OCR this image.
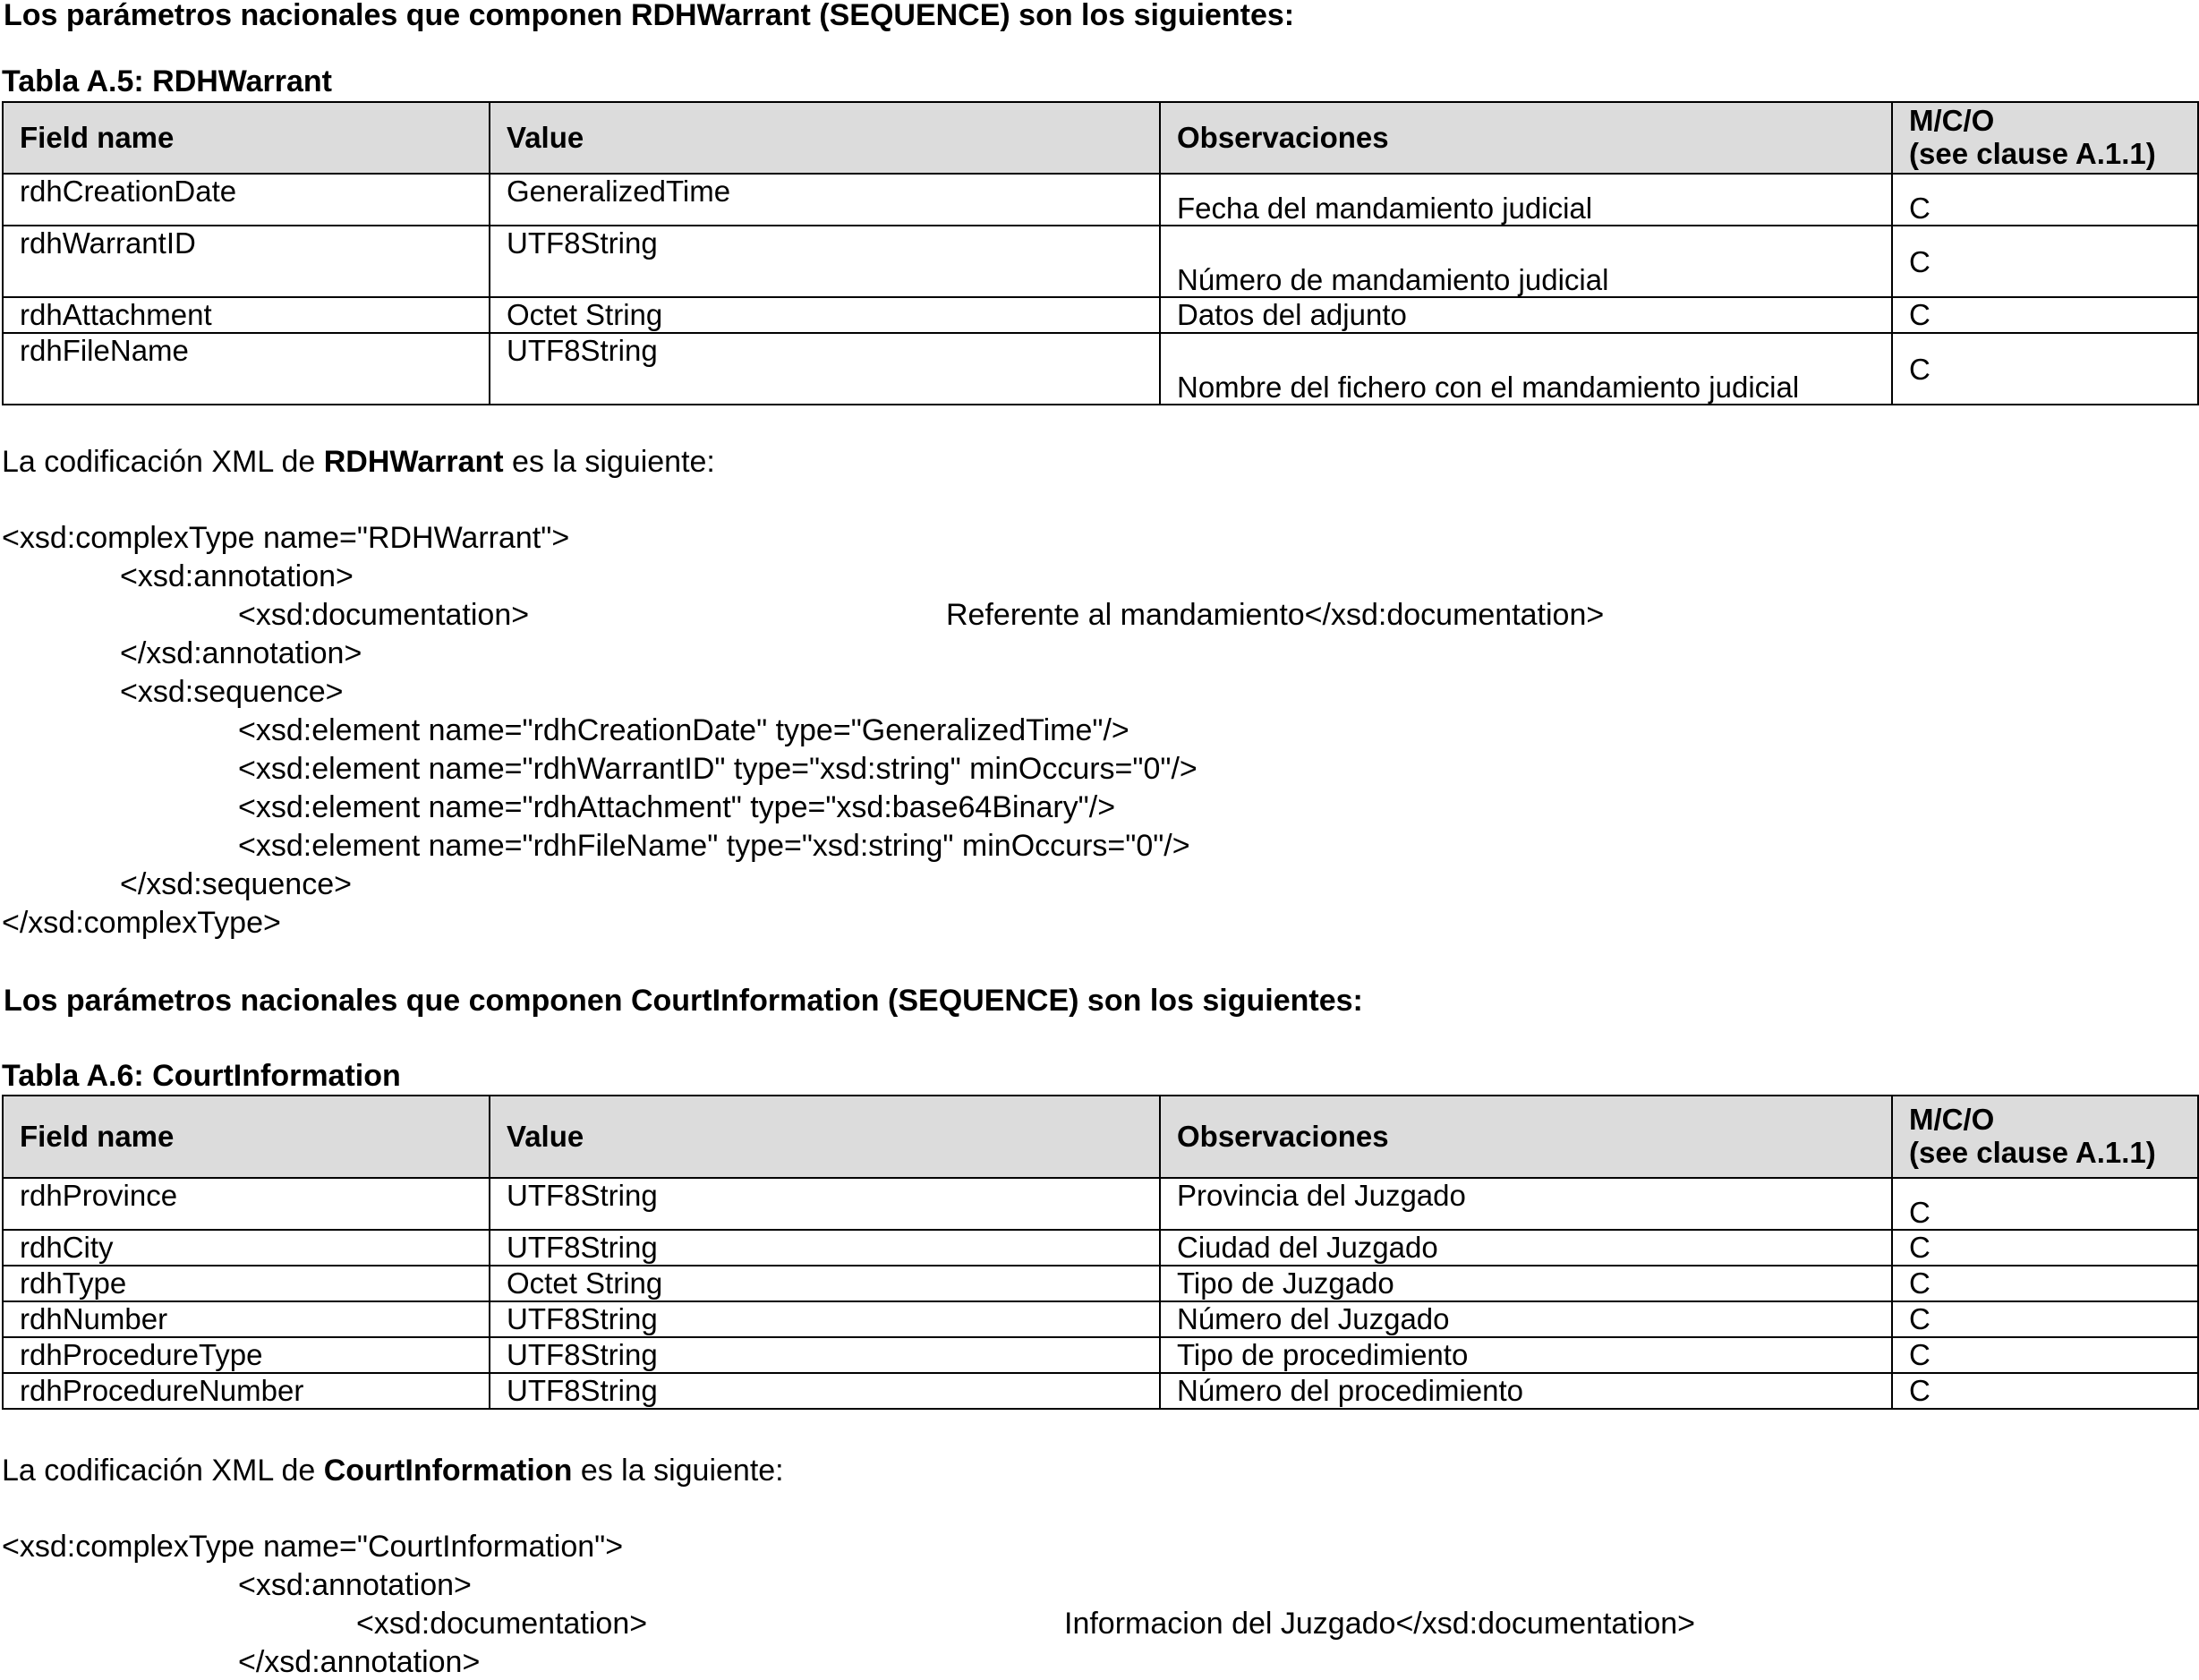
Los parámetros nacionales que componen RDHWarrant (SEQUENCE) son los siguientes:
Tabla A.5: RDHWarrant
Field name	Value	Observaciones	M/C/O
(see clause A.1.1)
rdhCreationDate	GeneralizedTime	Fecha del mandamiento judicial	C
rdhWarrantID	UTF8String	Número de mandamiento judicial	C
rdhAttachment	Octet String	Datos del adjunto	C
rdhFileName	UTF8String	Nombre del fichero con el mandamiento judicial	C
La codificación XML de RDHWarrant es la siguiente:
<xsd:complexType name="RDHWarrant">
<xsd:annotation>
<xsd:documentation>	Referente al mandamiento</xsd:documentation>
</xsd:annotation>
<xsd:sequence>
<xsd:element name="rdhCreationDate" type="GeneralizedTime"/>
<xsd:element name="rdhWarrantID" type="xsd:string" minOccurs="0"/>
<xsd:element name="rdhAttachment" type="xsd:base64Binary"/>
<xsd:element name="rdhFileName" type="xsd:string" minOccurs="0"/>
</xsd:sequence>
</xsd:complexType>
Los parámetros nacionales que componen CourtInformation (SEQUENCE) son los siguientes:
Tabla A.6: CourtInformation
Field name	Value	Observaciones	M/C/O
(see clause A.1.1)
rdhProvince	UTF8String	Provincia del Juzgado	C
rdhCity	UTF8String	Ciudad del Juzgado	C
rdhType	Octet String	Tipo de Juzgado	C
rdhNumber	UTF8String	Número del Juzgado	C
rdhProcedureType	UTF8String	Tipo de procedimiento	C
rdhProcedureNumber	UTF8String	Número del procedimiento	C
La codificación XML de CourtInformation es la siguiente:
<xsd:complexType name="CourtInformation">
<xsd:annotation>
<xsd:documentation>	Informacion del Juzgado</xsd:documentation>
</xsd:annotation>
